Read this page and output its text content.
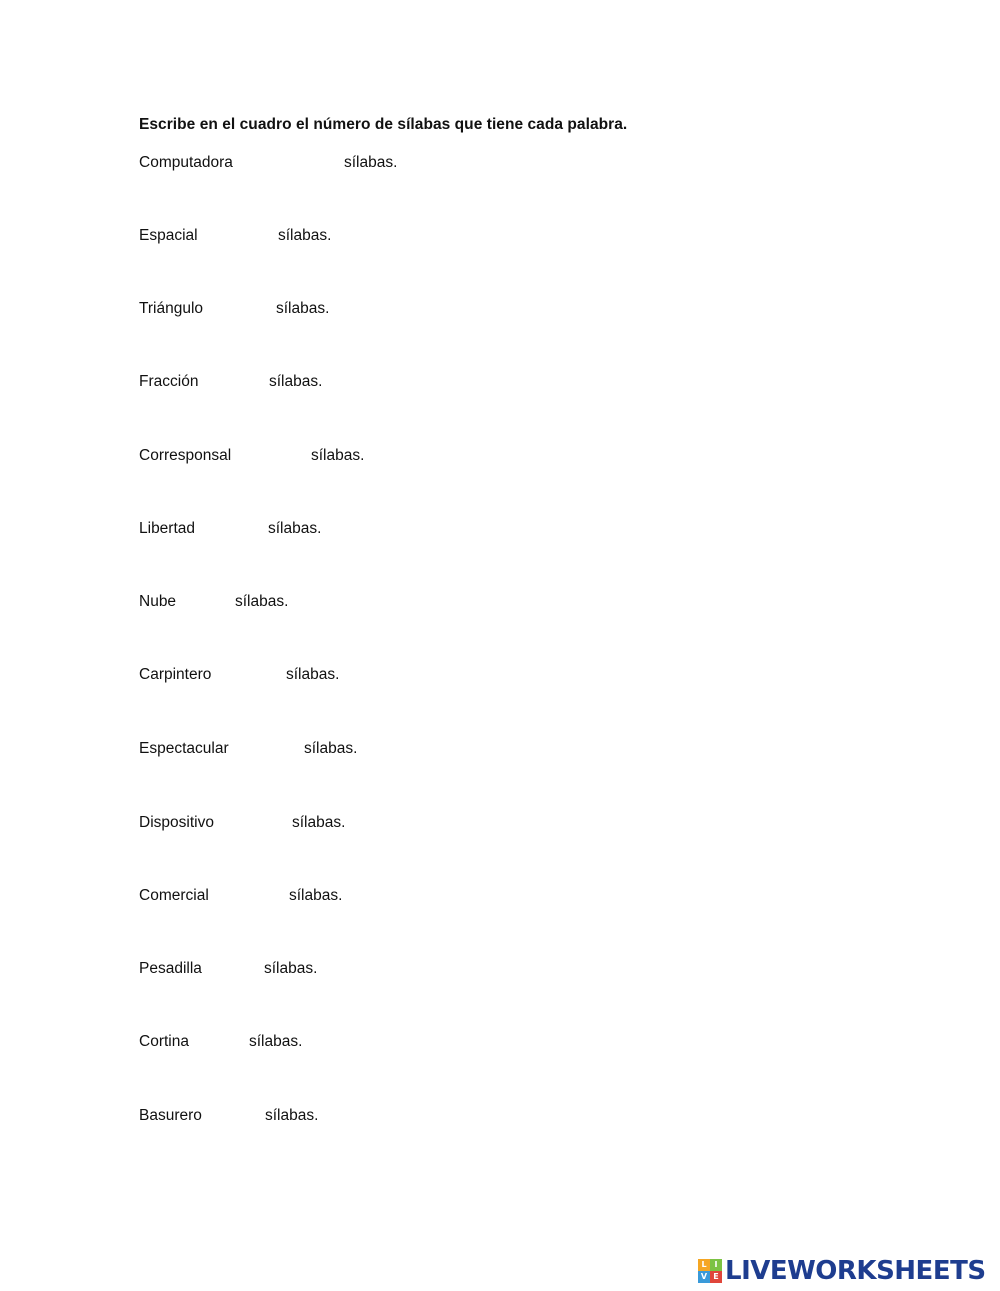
Escribe en el cuadro el número de sílabas que tiene cada palabra.
Computadora	sílabas.
Espacial	sílabas.
Triángulo	sílabas.
Fracción	sílabas.
Corresponsal	sílabas.
Libertad	sílabas.
Nube	sílabas.
Carpintero	sílabas.
Espectacular	sílabas.
Dispositivo	sílabas.
Comercial	sílabas.
Pesadilla	sílabas.
Cortina	sílabas.
Basurero	sílabas.
L I
V E LIVEWORKSHEETS
